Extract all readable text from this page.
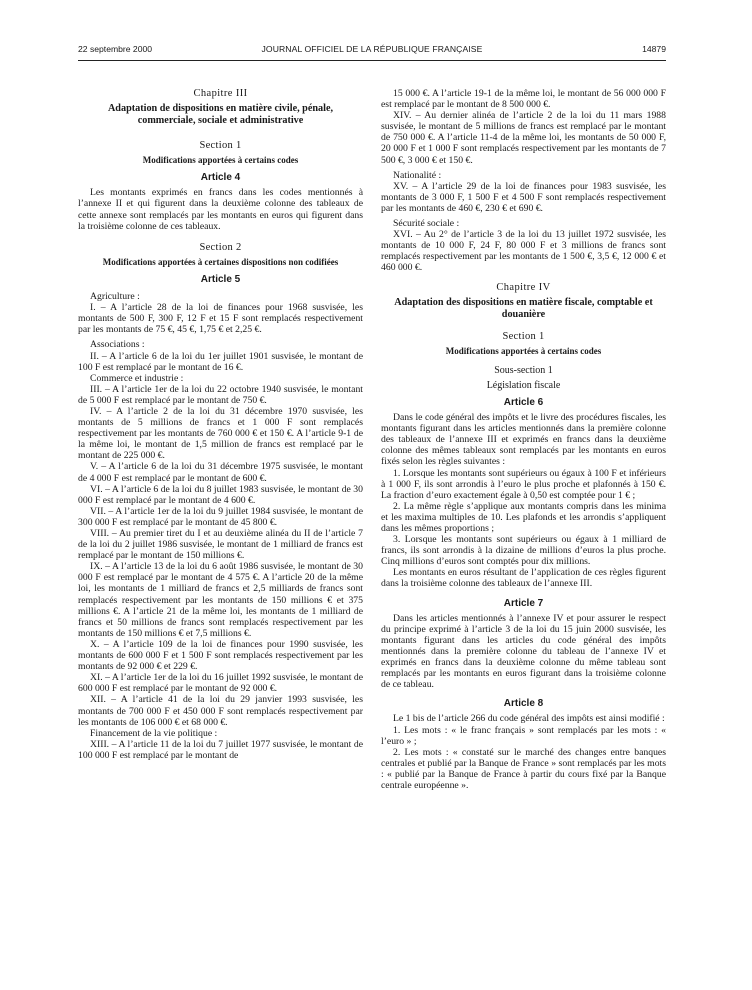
22 septembre 2000	JOURNAL OFFICIEL DE LA RÉPUBLIQUE FRANÇAISE	14879

Chapitre III

Adaptation de dispositions en matière civile, pénale, commerciale, sociale et administrative

Section 1

Modifications apportées à certains codes

Article 4

Les montants exprimés en francs dans les codes mentionnés à l’annexe II et qui figurent dans la deuxième colonne des tableaux de cette annexe sont remplacés par les montants en euros qui figurent dans la troisième colonne de ces tableaux.

Section 2

Modifications apportées à certaines dispositions non codifiées

Article 5

Agriculture :

I. – A l’article 28 de la loi de finances pour 1968 susvisée, les montants de 500 F, 300 F, 12 F et 15 F sont remplacés respectivement par les montants de 75 €, 45 €, 1,75 € et 2,25 €.

Associations :

II. – A l’article 6 de la loi du 1er juillet 1901 susvisée, le montant de 100 F est remplacé par le montant de 16 €.

Commerce et industrie :

III. – A l’article 1er de la loi du 22 octobre 1940 susvisée, le montant de 5 000 F est remplacé par le montant de 750 €.

IV. – A l’article 2 de la loi du 31 décembre 1970 susvisée, les montants de 5 millions de francs et 1 000 F sont remplacés respectivement par les montants de 760 000 € et 150 €. A l’article 9-1 de la même loi, le montant de 1,5 million de francs est remplacé par le montant de 225 000 €.

V. – A l’article 6 de la loi du 31 décembre 1975 susvisée, le montant de 4 000 F est remplacé par le montant de 600 €.

VI. – A l’article 6 de la loi du 8 juillet 1983 susvisée, le montant de 30 000 F est remplacé par le montant de 4 600 €.

VII. – A l’article 1er de la loi du 9 juillet 1984 susvisée, le montant de 300 000 F est remplacé par le montant de 45 800 €.

VIII. – Au premier tiret du I et au deuxième alinéa du II de l’article 7 de la loi du 2 juillet 1986 susvisée, le montant de 1 milliard de francs est remplacé par le montant de 150 millions €.

IX. – A l’article 13 de la loi du 6 août 1986 susvisée, le montant de 30 000 F est remplacé par le montant de 4 575 €. A l’article 20 de la même loi, les montants de 1 milliard de francs et 2,5 milliards de francs sont remplacés respectivement par les montants de 150 millions € et 375 millions €. A l’article 21 de la même loi, les montants de 1 milliard de francs et 50 millions de francs sont remplacés respectivement par les montants de 150 millions € et 7,5 millions €.

X. – A l’article 109 de la loi de finances pour 1990 susvisée, les montants de 600 000 F et 1 500 F sont remplacés respectivement par les montants de 92 000 € et 229 €.

XI. – A l’article 1er de la loi du 16 juillet 1992 susvisée, le montant de 600 000 F est remplacé par le montant de 92 000 €.

XII. – A l’article 41 de la loi du 29 janvier 1993 susvisée, les montants de 700 000 F et 450 000 F sont remplacés respectivement par les montants de 106 000 € et 68 000 €.

Financement de la vie politique :

XIII. – A l’article 11 de la loi du 7 juillet 1977 susvisée, le montant de 100 000 F est remplacé par le montant de

15 000 €. A l’article 19-1 de la même loi, le montant de 56 000 000 F est remplacé par le montant de 8 500 000 €.

XIV. – Au dernier alinéa de l’article 2 de la loi du 11 mars 1988 susvisée, le montant de 5 millions de francs est remplacé par le montant de 750 000 €. A l’article 11-4 de la même loi, les montants de 50 000 F, 20 000 F et 1 000 F sont remplacés respectivement par les montants de 7 500 €, 3 000 € et 150 €.

Nationalité :

XV. – A l’article 29 de la loi de finances pour 1983 susvisée, les montants de 3 000 F, 1 500 F et 4 500 F sont remplacés respectivement par les montants de 460 €, 230 € et 690 €.

Sécurité sociale :

XVI. – Au 2° de l’article 3 de la loi du 13 juillet 1972 susvisée, les montants de 10 000 F, 24 F, 80 000 F et 3 millions de francs sont remplacés respectivement par les montants de 1 500 €, 3,5 €, 12 000 € et 460 000 €.

Chapitre IV

Adaptation des dispositions en matière fiscale, comptable et douanière

Section 1

Modifications apportées à certains codes

Sous-section 1

Législation fiscale

Article 6

Dans le code général des impôts et le livre des procédures fiscales, les montants figurant dans les articles mentionnés dans la première colonne des tableaux de l’annexe III et exprimés en francs dans la deuxième colonne des mêmes tableaux sont remplacés par les montants en euros fixés selon les règles suivantes :

1. Lorsque les montants sont supérieurs ou égaux à 100 F et inférieurs à 1 000 F, ils sont arrondis à l’euro le plus proche et plafonnés à 150 €. La fraction d’euro exactement égale à 0,50 est comptée pour 1 € ;

2. La même règle s’applique aux montants compris dans les minima et les maxima multiples de 10. Les plafonds et les arrondis s’appliquent dans les mêmes proportions ;

3. Lorsque les montants sont supérieurs ou égaux à 1 milliard de francs, ils sont arrondis à la dizaine de millions d’euros la plus proche. Cinq millions d’euros sont comptés pour dix millions.

Les montants en euros résultant de l’application de ces règles figurent dans la troisième colonne des tableaux de l’annexe III.

Article 7

Dans les articles mentionnés à l’annexe IV et pour assurer le respect du principe exprimé à l’article 3 de la loi du 15 juin 2000 susvisée, les montants figurant dans les articles du code général des impôts mentionnés dans la première colonne du tableau de l’annexe IV et exprimés en francs dans la deuxième colonne du même tableau sont remplacés par les montants en euros figurant dans la troisième colonne de ce tableau.

Article 8

Le 1 bis de l’article 266 du code général des impôts est ainsi modifié :

1. Les mots : « le franc français » sont remplacés par les mots : « l’euro » ;

2. Les mots : « constaté sur le marché des changes entre banques centrales et publié par la Banque de France » sont remplacés par les mots : « publié par la Banque de France à partir du cours fixé par la Banque centrale européenne ».
